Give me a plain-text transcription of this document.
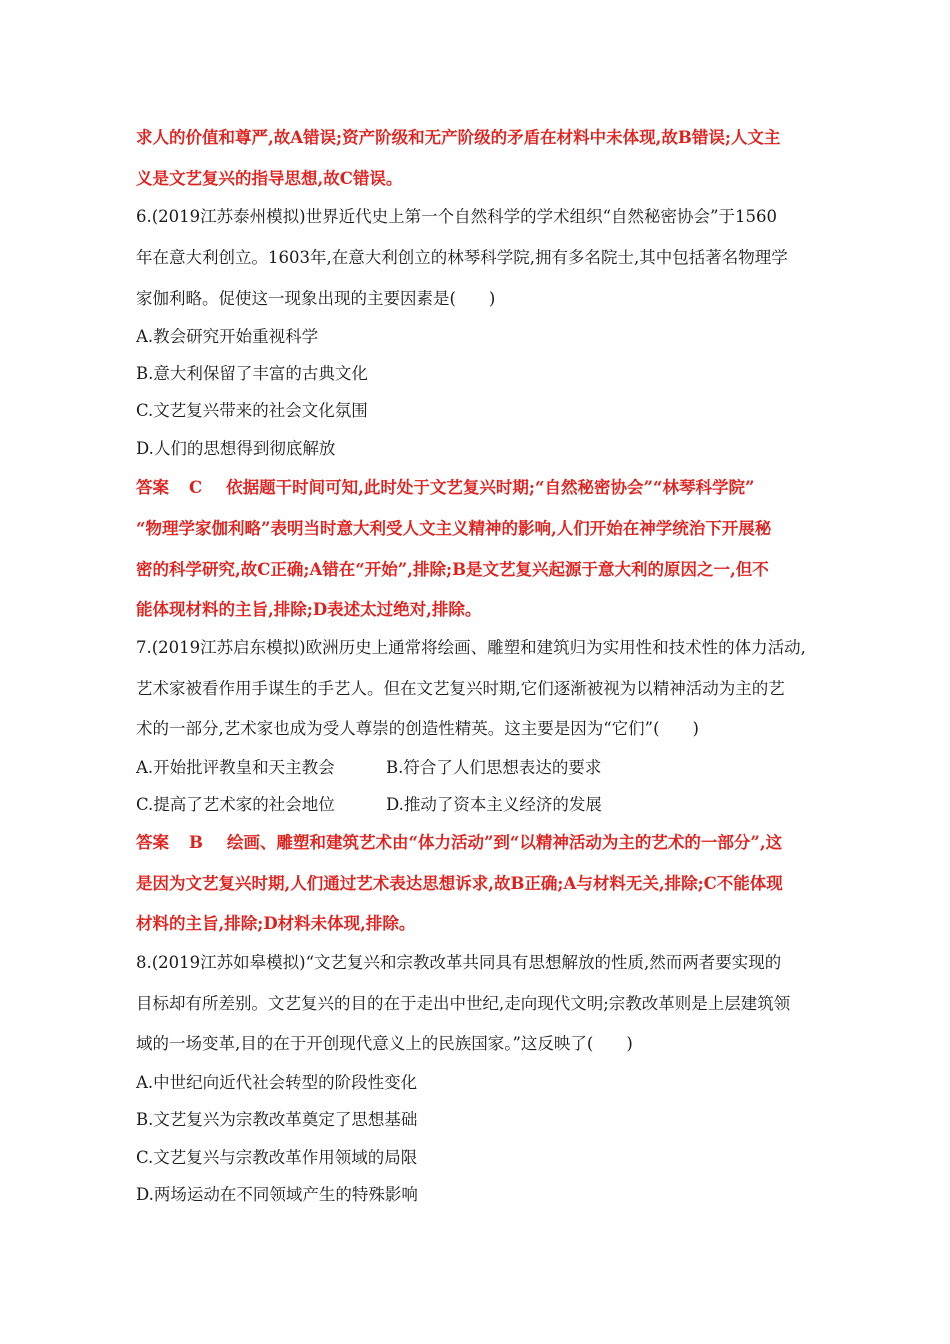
求人的价值和尊严,故A错误;资产阶级和无产阶级的矛盾在材料中未体现,故B错误;人文主
义是文艺复兴的指导思想,故C错误。
6.(2019江苏泰州模拟)世界近代史上第一个自然科学的学术组织“自然秘密协会”于1560
年在意大利创立。1603年,在意大利创立的林琴科学院,拥有多名院士,其中包括著名物理学
家伽利略。促使这一现象出现的主要因素是(　　)
A.教会研究开始重视科学
B.意大利保留了丰富的古典文化
C.文艺复兴带来的社会文化氛围
D.人们的思想得到彻底解放
答案 C 依据题干时间可知,此时处于文艺复兴时期;“自然秘密协会”“林琴科学院”
“物理学家伽利略”表明当时意大利受人文主义精神的影响,人们开始在神学统治下开展秘
密的科学研究,故C正确;A错在“开始”,排除;B是文艺复兴起源于意大利的原因之一,但不
能体现材料的主旨,排除;D表述太过绝对,排除。
7.(2019江苏启东模拟)欧洲历史上通常将绘画、雕塑和建筑归为实用性和技术性的体力活动,
艺术家被看作用手谋生的手艺人。但在文艺复兴时期,它们逐渐被视为以精神活动为主的艺
术的一部分,艺术家也成为受人尊崇的创造性精英。这主要是因为“它们”(　　)
A.开始批评教皇和天主教会	B.符合了人们思想表达的要求
C.提高了艺术家的社会地位	D.推动了资本主义经济的发展
答案 B 绘画、雕塑和建筑艺术由“体力活动”到“以精神活动为主的艺术的一部分”,这
是因为文艺复兴时期,人们通过艺术表达思想诉求,故B正确;A与材料无关,排除;C不能体现
材料的主旨,排除;D材料未体现,排除。
8.(2019江苏如皋模拟)“文艺复兴和宗教改革共同具有思想解放的性质,然而两者要实现的
目标却有所差别。文艺复兴的目的在于走出中世纪,走向现代文明;宗教改革则是上层建筑领
域的一场变革,目的在于开创现代意义上的民族国家。”这反映了(　　)
A.中世纪向近代社会转型的阶段性变化
B.文艺复兴为宗教改革奠定了思想基础
C.文艺复兴与宗教改革作用领域的局限
D.两场运动在不同领域产生的特殊影响
